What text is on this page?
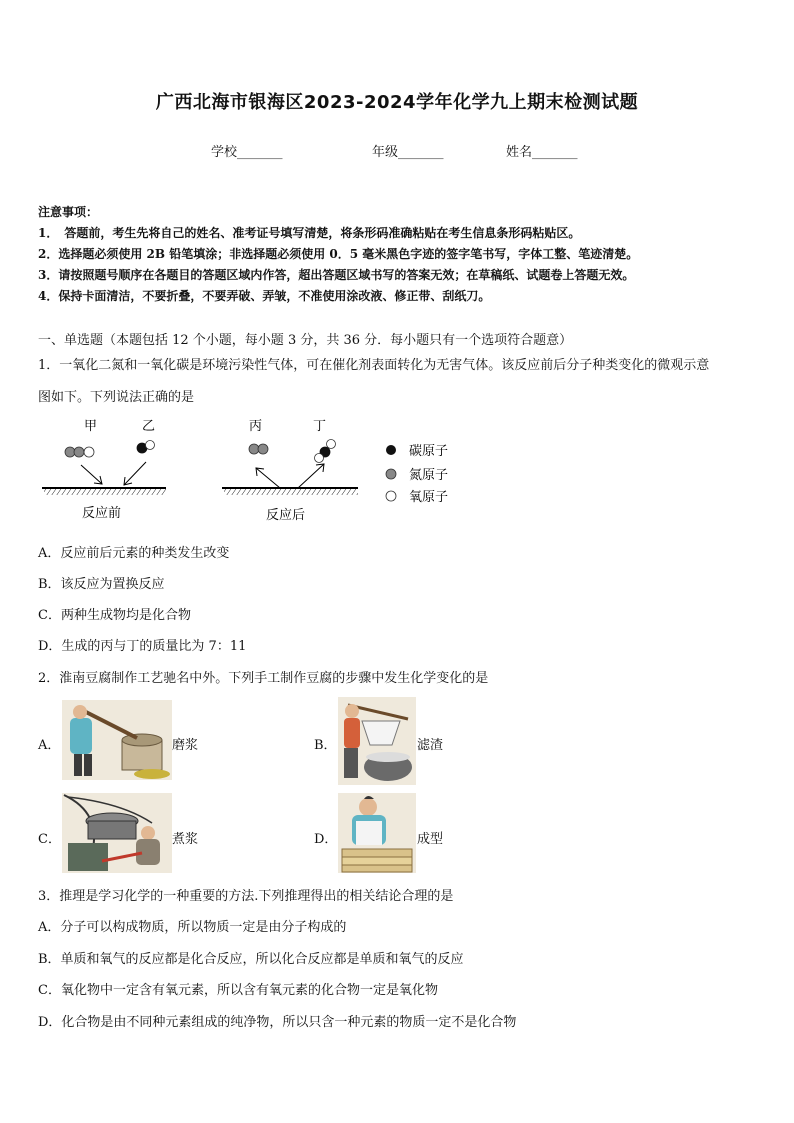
广西北海市银海区2023-2024学年化学九上期末检测试题
学校_______	年级_______	姓名_______
注意事项：
1．　答题前，考生先将自己的姓名、准考证号填写清楚，将条形码准确粘贴在考生信息条形码粘贴区。
2．选择题必须使用 2B 铅笔填涂；非选择题必须使用 0．5 毫米黑色字迹的签字笔书写，字体工整、笔迹清楚。
3．请按照题号顺序在各题目的答题区域内作答，超出答题区域书写的答案无效；在草稿纸、试题卷上答题无效。
4．保持卡面清洁，不要折叠，不要弄破、弄皱，不准使用涂改液、修正带、刮纸刀。
一、单选题（本题包括 12 个小题，每小题 3 分，共 36 分．每小题只有一个选项符合题意）
1．一氧化二氮和一氧化碳是环境污染性气体，可在催化剂表面转化为无害气体。该反应前后分子种类变化的微观示意
图如下。下列说法正确的是
甲	乙	丙	丁
反应前	反应后
碳原子
氮原子
氧原子
A．反应前后元素的种类发生改变
B．该反应为置换反应
C．两种生成物均是化合物
D．生成的丙与丁的质量比为 7：11
2．淮南豆腐制作工艺驰名中外。下列手工制作豆腐的步骤中发生化学变化的是
A．	磨浆	B．	滤渣
C．	煮浆	D．	成型
3．推理是学习化学的一种重要的方法.下列推理得出的相关结论合理的是
A．分子可以构成物质，所以物质一定是由分子构成的
B．单质和氧气的反应都是化合反应，所以化合反应都是单质和氧气的反应
C．氧化物中一定含有氧元素，所以含有氧元素的化合物一定是氧化物
D．化合物是由不同种元素组成的纯净物，所以只含一种元素的物质一定不是化合物
